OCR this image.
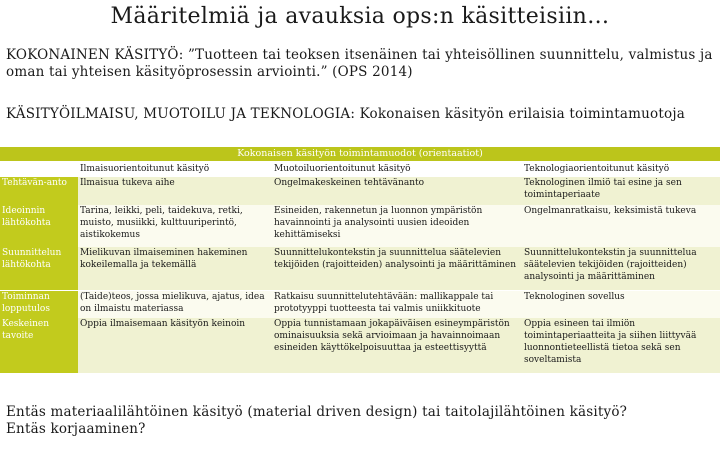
Määritelmiä ja avauksia ops:n käsitteisiin…
KOKONAINEN KÄSITYÖ: ”Tuotteen tai teoksen itsenäinen tai yhteisöllinen suunnittelu, valmistus ja oman tai yhteisen käsityöprosessin arviointi.” (OPS 2014)
KÄSITYÖILMAISU, MUOTOILU JA TEKNOLOGIA: Kokonaisen käsityön erilaisia toimintamuotoja
Kokonaisen käsityön toimintamuodot (orientaatiot)			
	Ilmaisuorientoitunut käsityö	Muotoiluorientoitunut käsityö	Teknologiaorientoitunut käsityö
Tehtävän-anto	Ilmaisua tukeva aihe	Ongelmakeskeinen tehtävänanto	Teknologinen ilmiö tai esine ja sen toimintaperiaate
Ideoinnin lähtökohta	Tarina, leikki, peli, taidekuva, retki, muisto, musiikki, kulttuuriperintö, aistikokemus	Esineiden, rakennetun ja luonnon ympäristön havainnointi ja analysointi uusien ideoiden kehittämiseksi	Ongelmanratkaisu, keksimistä tukeva
Suunnittelun lähtökohta	Mielikuvan ilmaiseminen hakeminen kokeilemalla ja tekemällä	Suunnittelukontekstin ja suunnittelua säätelevien tekijöiden (rajoitteiden) analysointi ja määrittäminen	Suunnittelukontekstin ja suunnittelua säätelevien tekijöiden (rajoitteiden) analysointi ja määrittäminen
Toiminnan lopputulos	(Taide)teos, jossa mielikuva, ajatus, idea on ilmaistu materiassa	Ratkaisu suunnittelutehtävään: mallikappale tai prototyyppi tuotteesta tai valmis uniikkituote	Teknologinen sovellus
Keskeinen tavoite	Oppia ilmaisemaan käsityön keinoin	Oppia tunnistamaan jokapäiväisen esineympäristön ominaisuuksia sekä arvioimaan ja havainnoimaan esineiden käyttökelpoisuuttaa ja esteettisyyttä	Oppia esineen tai ilmiön toimintaperiaatteita ja siihen liittyvää luonnontieteellistä tietoa sekä sen soveltamista
Entäs materiaalilähtöinen käsityö (material driven design) tai taitolajilähtöinen käsityö?
Entäs korjaaminen?
